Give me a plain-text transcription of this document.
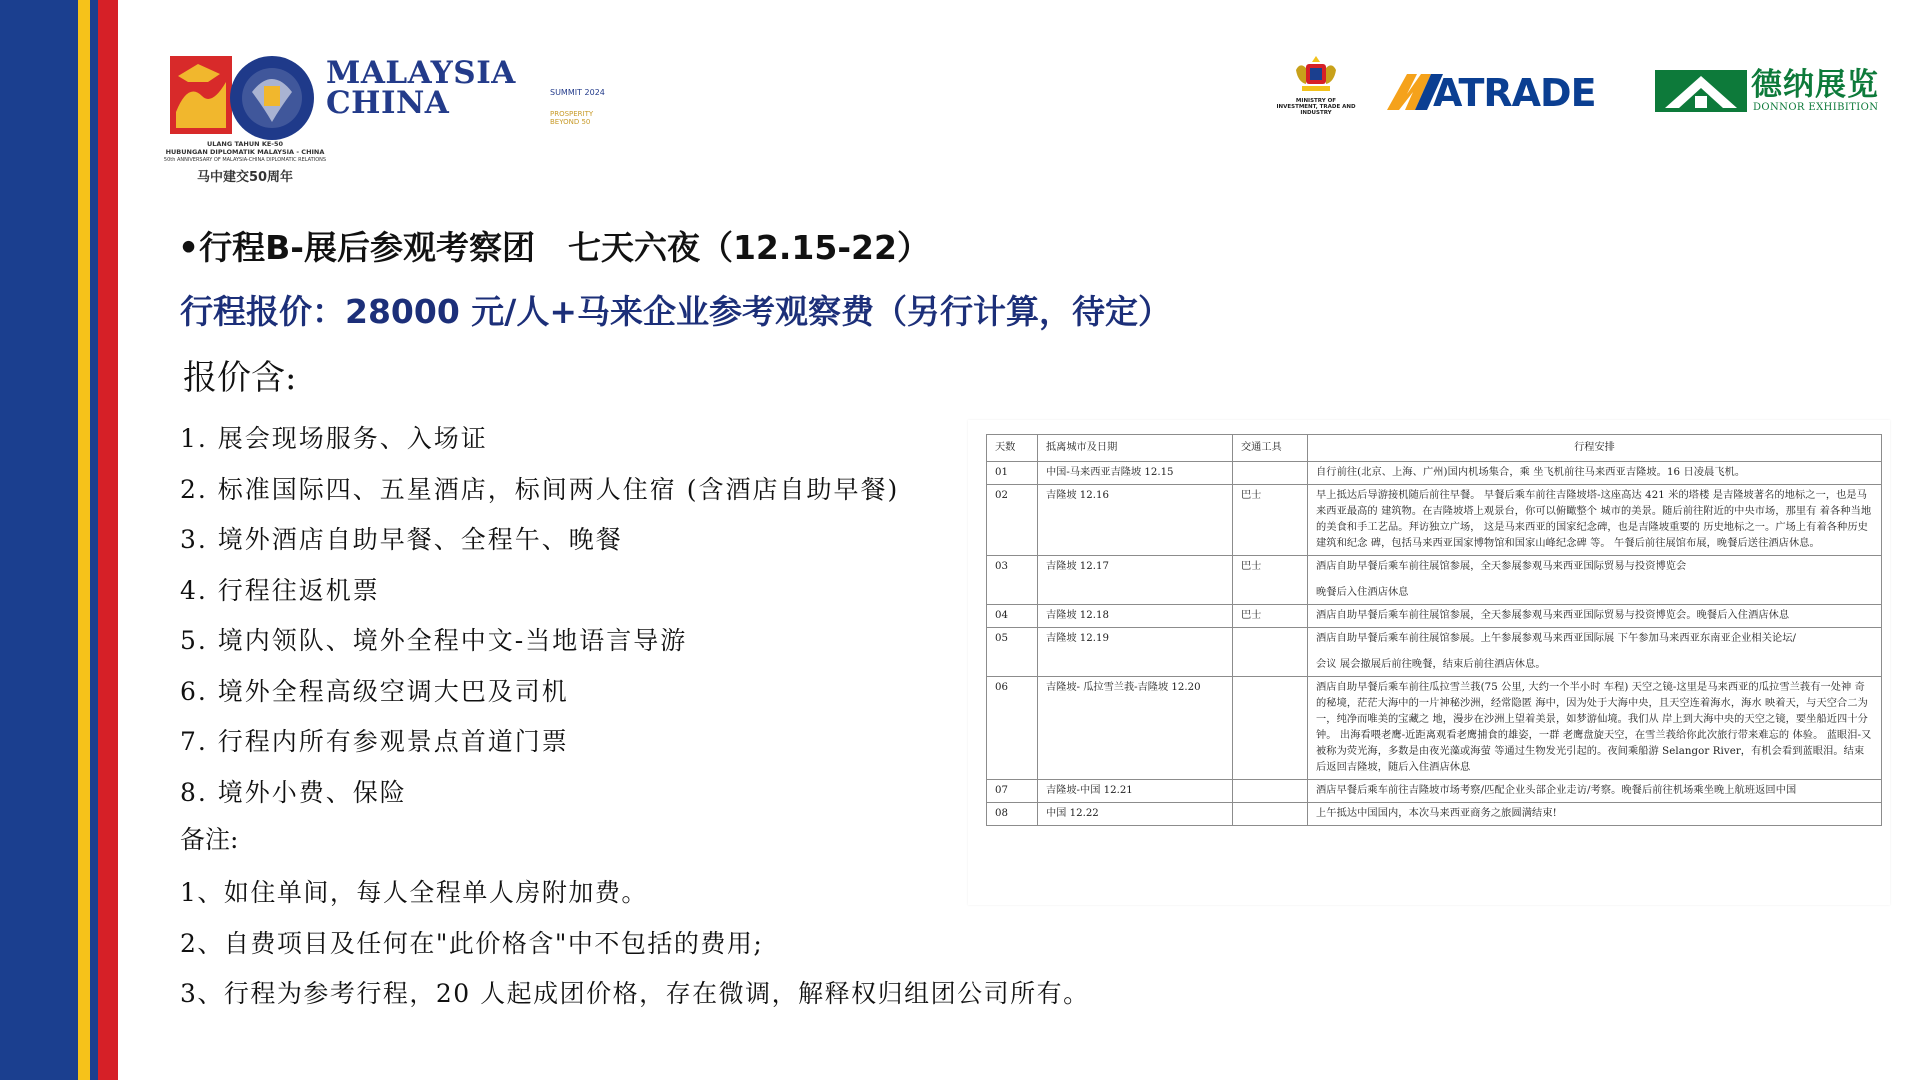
MALAYSIA
CHINA	SUMMIT 2024
PROSPERITY BEYOND 50
ULANG TAHUN KE-50
HUBUNGAN DIPLOMATIK MALAYSIA - CHINA
50th ANNIVERSARY OF MALAYSIA-CHINA DIPLOMATIC RELATIONS
马中建交50周年
MINISTRY OF
INVESTMENT, TRADE AND INDUSTRY	ATRADE	德纳展览
DONNOR EXHIBITION
•行程B-展后参观考察团　七天六夜（12.15-22）
行程报价：28000 元/人+马来企业参考观察费（另行计算，待定）
报价含:
1. 展会现场服务、入场证
2. 标准国际四、五星酒店，标间两人住宿 (含酒店自助早餐)
3. 境外酒店自助早餐、全程午、晚餐
4. 行程往返机票
5. 境内领队、境外全程中文-当地语言导游
6. 境外全程高级空调大巴及司机
7. 行程内所有参观景点首道门票
8. 境外小费、保险
备注:
1、如住单间，每人全程单人房附加费。
2、自费项目及任何在"此价格含"中不包括的费用;
3、行程为参考行程，20 人起成团价格，存在微调，解释权归组团公司所有。
天数	抵离城市及日期	交通工具	行程安排
01	中国-马来西亚吉隆坡 12.15		自行前往(北京、上海、广州)国内机场集合，乘 坐飞机前往马来西亚吉隆坡。16 日凌晨飞机。
02	吉隆坡 12.16	巴士	早上抵达后导游接机随后前往早餐。 早餐后乘车前往吉隆坡塔-这座高达 421 米的塔楼 是吉隆坡著名的地标之一，也是马来西亚最高的 建筑物。在吉隆坡塔上观景台，你可以俯瞰整个 城市的美景。随后前往附近的中央市场，那里有 着各种当地的美食和手工艺品。拜访独立广场， 这是马来西亚的国家纪念碑，也是吉隆坡重要的 历史地标之一。广场上有着各种历史建筑和纪念 碑，包括马来西亚国家博物馆和国家山峰纪念碑 等。 午餐后前往展馆布展，晚餐后送往酒店休息。
03	吉隆坡 12.17	巴士	酒店自助早餐后乘车前往展馆参展，全天参展参观马来西亚国际贸易与投资博览会
晚餐后入住酒店休息
04	吉隆坡 12.18	巴士	酒店自助早餐后乘车前往展馆参展，全天参展参观马来西亚国际贸易与投资博览会。晚餐后入住酒店休息
05	吉隆坡 12.19		酒店自助早餐后乘车前往展馆参展。上午参展参观马来西亚国际展 下午参加马来西亚东南亚企业相关论坛/
会议 展会撤展后前往晚餐，结束后前往酒店休息。
06	吉隆坡- 瓜拉雪兰莪-吉隆坡 12.20		酒店自助早餐后乘车前往瓜拉雪兰莪(75 公里, 大约一个半小时 车程) 天空之镜-这里是马来西亚的瓜拉雪兰莪有一处神 奇的秘境，茫茫大海中的一片神秘沙洲，经常隐匿 海中，因为处于大海中央，且天空连着海水，海水 映着天，与天空合二为一，纯净而唯美的宝藏之 地，漫步在沙洲上望着美景，如梦游仙境。我们从 岸上到大海中央的天空之镜，要坐船近四十分钟。 出海看喂老鹰-近距离观看老鹰捕食的雄姿，一群 老鹰盘旋天空，在雪兰莪给你此次旅行带来难忘的 体验。 蓝眼泪-又被称为荧光海，多数是由夜光藻或海萤 等通过生物发光引起的。夜间乘船游 Selangor River，有机会看到蓝眼泪。结束后返回吉隆坡，随后入住酒店休息
07	吉隆坡-中国 12.21		酒店早餐后乘车前往吉隆坡市场考察/匹配企业头部企业走访/考察。晚餐后前往机场乘坐晚上航班返回中国
08	中国 12.22		上午抵达中国国内，本次马来西亚商务之旅圆满结束!
